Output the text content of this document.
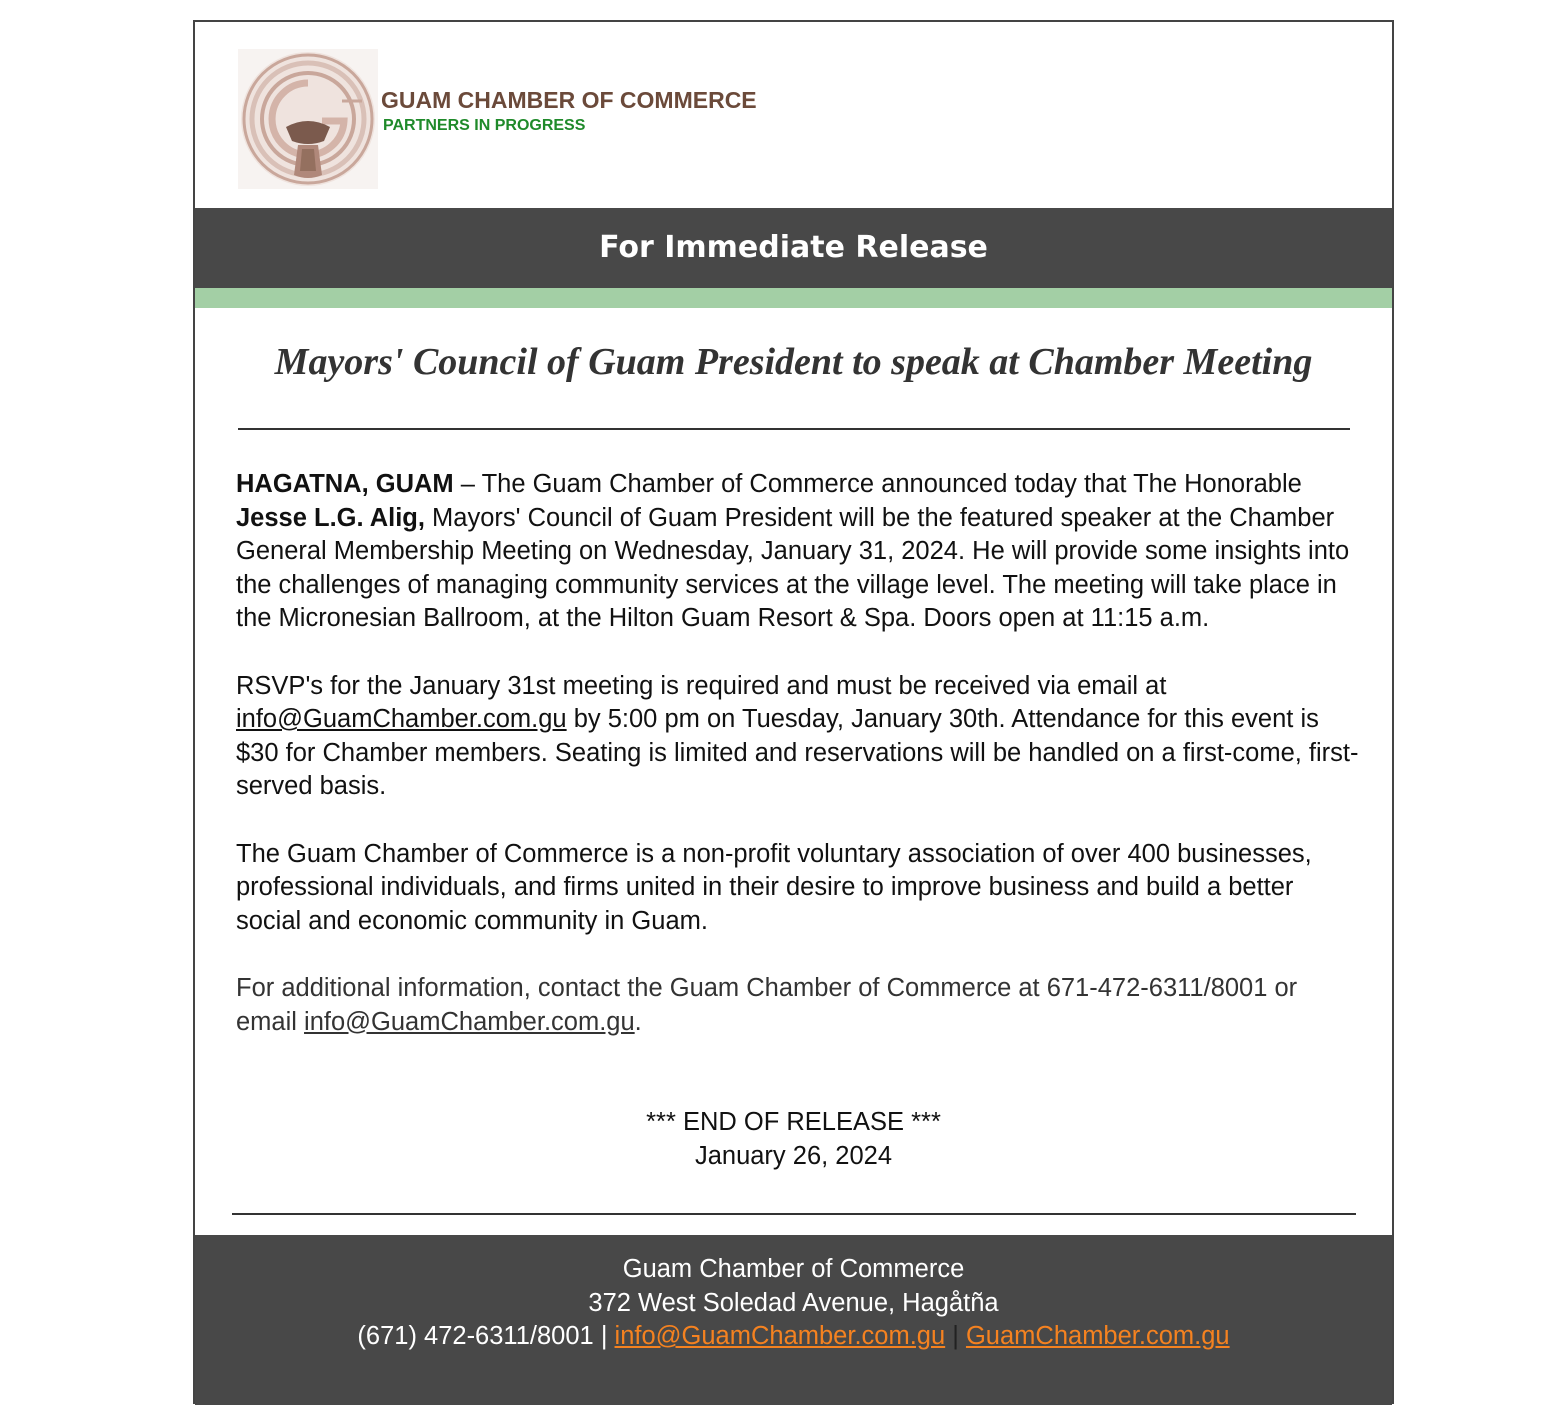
GUAM CHAMBER OF COMMERCE
PARTNERS IN PROGRESS
For Immediate Release
Mayors' Council of Guam President to speak at Chamber Meeting

HAGATNA, GUAM – The Guam Chamber of Commerce announced today that The Honorable Jesse L.G. Alig, Mayors' Council of Guam President will be the featured speaker at the Chamber General Membership Meeting on Wednesday, January 31, 2024. He will provide some insights into the challenges of managing community services at the village level. The meeting will take place in the Micronesian Ballroom, at the Hilton Guam Resort & Spa. Doors open at 11:15 a.m.

RSVP's for the January 31st meeting is required and must be received via email at info@GuamChamber.com.gu by 5:00 pm on Tuesday, January 30th. Attendance for this event is $30 for Chamber members. Seating is limited and reservations will be handled on a first-come, first-served basis.

The Guam Chamber of Commerce is a non-profit voluntary association of over 400 businesses, professional individuals, and firms united in their desire to improve business and build a better social and economic community in Guam.

For additional information, contact the Guam Chamber of Commerce at 671-472-6311/8001 or email info@GuamChamber.com.gu.

*** END OF RELEASE ***
January 26, 2024
Guam Chamber of Commerce
372 West Soledad Avenue, Hagåtña
(671) 472-6311/8001 | info@GuamChamber.com.gu | GuamChamber.com.gu
